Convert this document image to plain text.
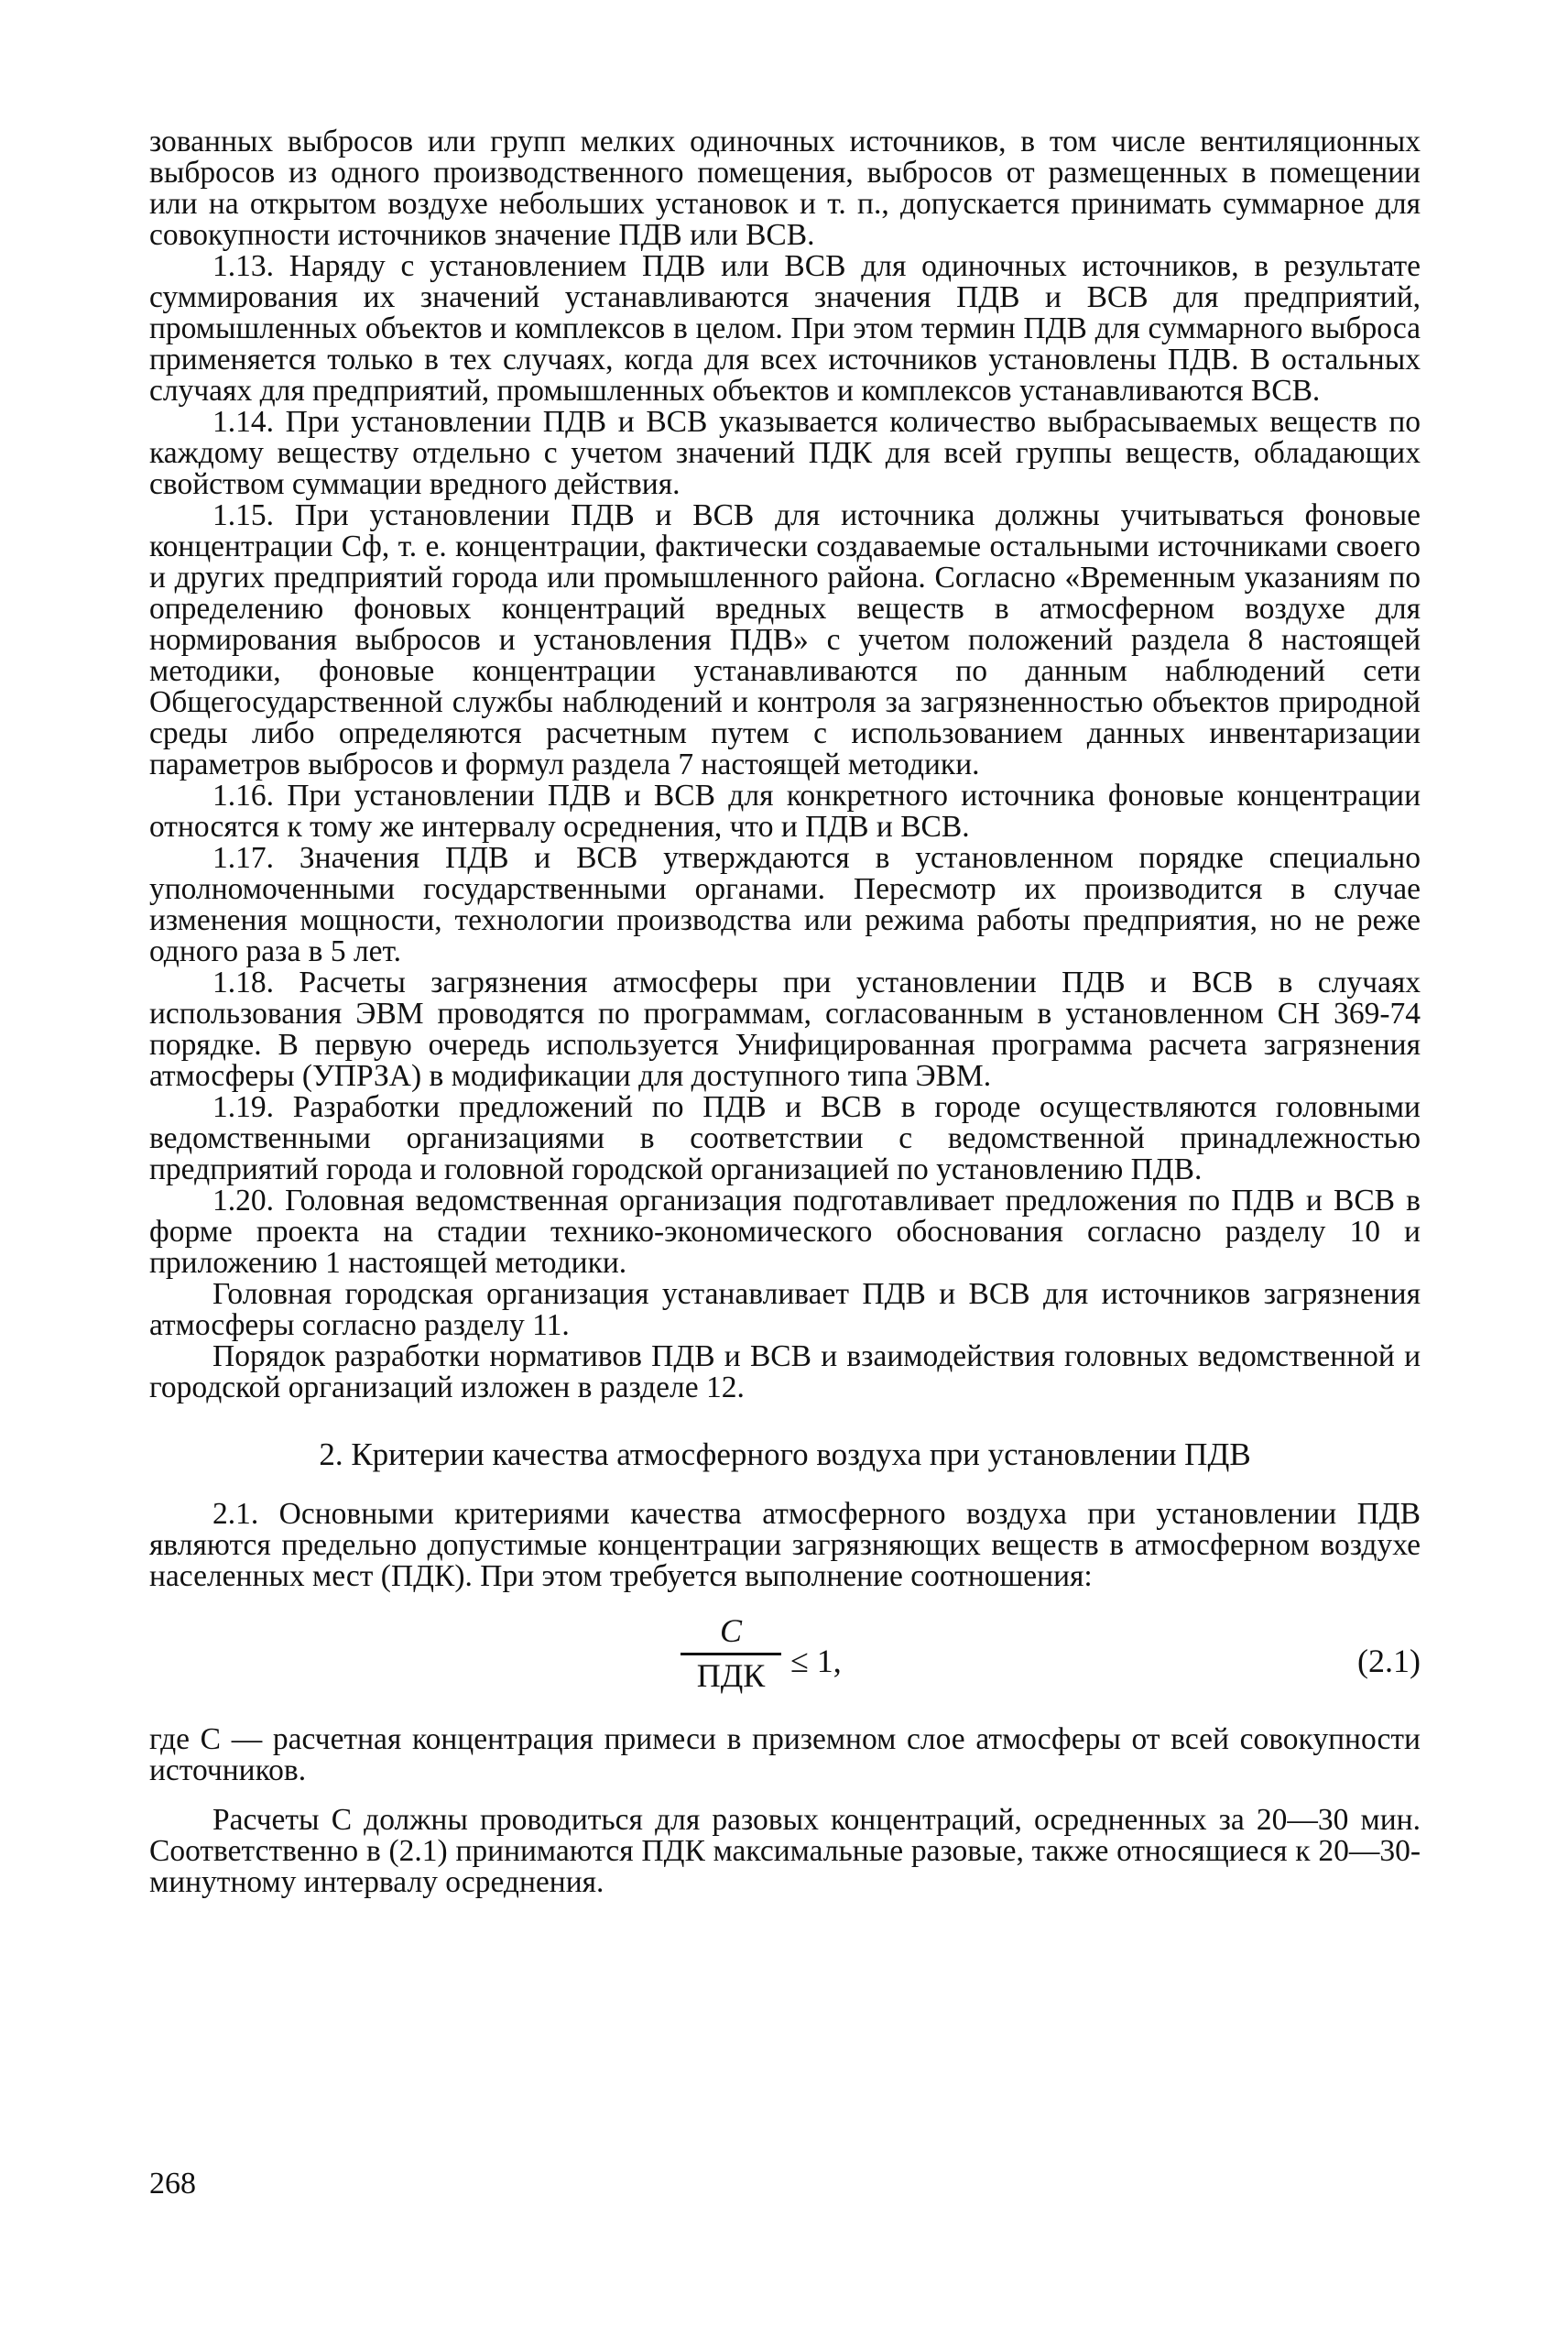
зованных выбросов или групп мелких одиночных источников, в том числе вентиляционных выбросов из одного производственного помещения, выбросов от размещенных в помещении или на открытом воздухе небольших установок и т. п., допускается принимать суммарное для совокупности источников значение ПДВ или ВСВ.

1.13. Наряду с установлением ПДВ или ВСВ для одиночных источников, в результате суммирования их значений устанавливаются значения ПДВ и ВСВ для предприятий, промышленных объектов и комплексов в целом. При этом термин ПДВ для суммарного выброса применяется только в тех случаях, когда для всех источников установлены ПДВ. В остальных случаях для предприятий, промышленных объектов и комплексов устанавливаются ВСВ.

1.14. При установлении ПДВ и ВСВ указывается количество выбрасываемых веществ по каждому веществу отдельно с учетом значений ПДК для всей группы веществ, обладающих свойством суммации вредного действия.

1.15. При установлении ПДВ и ВСВ для источника должны учитываться фоновые концентрации Cф, т. е. концентрации, фактически создаваемые остальными источниками своего и других предприятий города или промышленного района. Согласно «Временным указаниям по определению фоновых концентраций вредных веществ в атмосферном воздухе для нормирования выбросов и установления ПДВ» с учетом положений раздела 8 настоящей методики, фоновые концентрации устанавливаются по данным наблюдений сети Общегосударственной службы наблюдений и контроля за загрязненностью объектов природной среды либо определяются расчетным путем с использованием данных инвентаризации параметров выбросов и формул раздела 7 настоящей методики.

1.16. При установлении ПДВ и ВСВ для конкретного источника фоновые концентрации относятся к тому же интервалу осреднения, что и ПДВ и ВСВ.

1.17. Значения ПДВ и ВСВ утверждаются в установленном порядке специально уполномоченными государственными органами. Пересмотр их производится в случае изменения мощности, технологии производства или режима работы предприятия, но не реже одного раза в 5 лет.

1.18. Расчеты загрязнения атмосферы при установлении ПДВ и ВСВ в случаях использования ЭВМ проводятся по программам, согласованным в установленном СН 369-74 порядке. В первую очередь используется Унифицированная программа расчета загрязнения атмосферы (УПРЗА) в модификации для доступного типа ЭВМ.

1.19. Разработки предложений по ПДВ и ВСВ в городе осуществляются головными ведомственными организациями в соответствии с ведомственной принадлежностью предприятий города и головной городской организацией по установлению ПДВ.

1.20. Головная ведомственная организация подготавливает предложения по ПДВ и ВСВ в форме проекта на стадии технико-экономического обоснования согласно разделу 10 и приложению 1 настоящей методики.

Головная городская организация устанавливает ПДВ и ВСВ для источников загрязнения атмосферы согласно разделу 11.

Порядок разработки нормативов ПДВ и ВСВ и взаимодействия головных ведомственной и городской организаций изложен в разделе 12.

2. Критерии качества атмосферного воздуха при установлении ПДВ

2.1. Основными критериями качества атмосферного воздуха при установлении ПДВ являются предельно допустимые концентрации загрязняющих веществ в атмосферном воздухе населенных мест (ПДК). При этом требуется выполнение соотношения:

C
ПДК ≤ 1,	(2.1)

где C — расчетная концентрация примеси в приземном слое атмосферы от всей совокупности источников.

Расчеты C должны проводиться для разовых концентраций, осредненных за 20—30 мин. Соответственно в (2.1) принимаются ПДК максимальные разовые, также относящиеся к 20—30-минутному интервалу осреднения.

268
